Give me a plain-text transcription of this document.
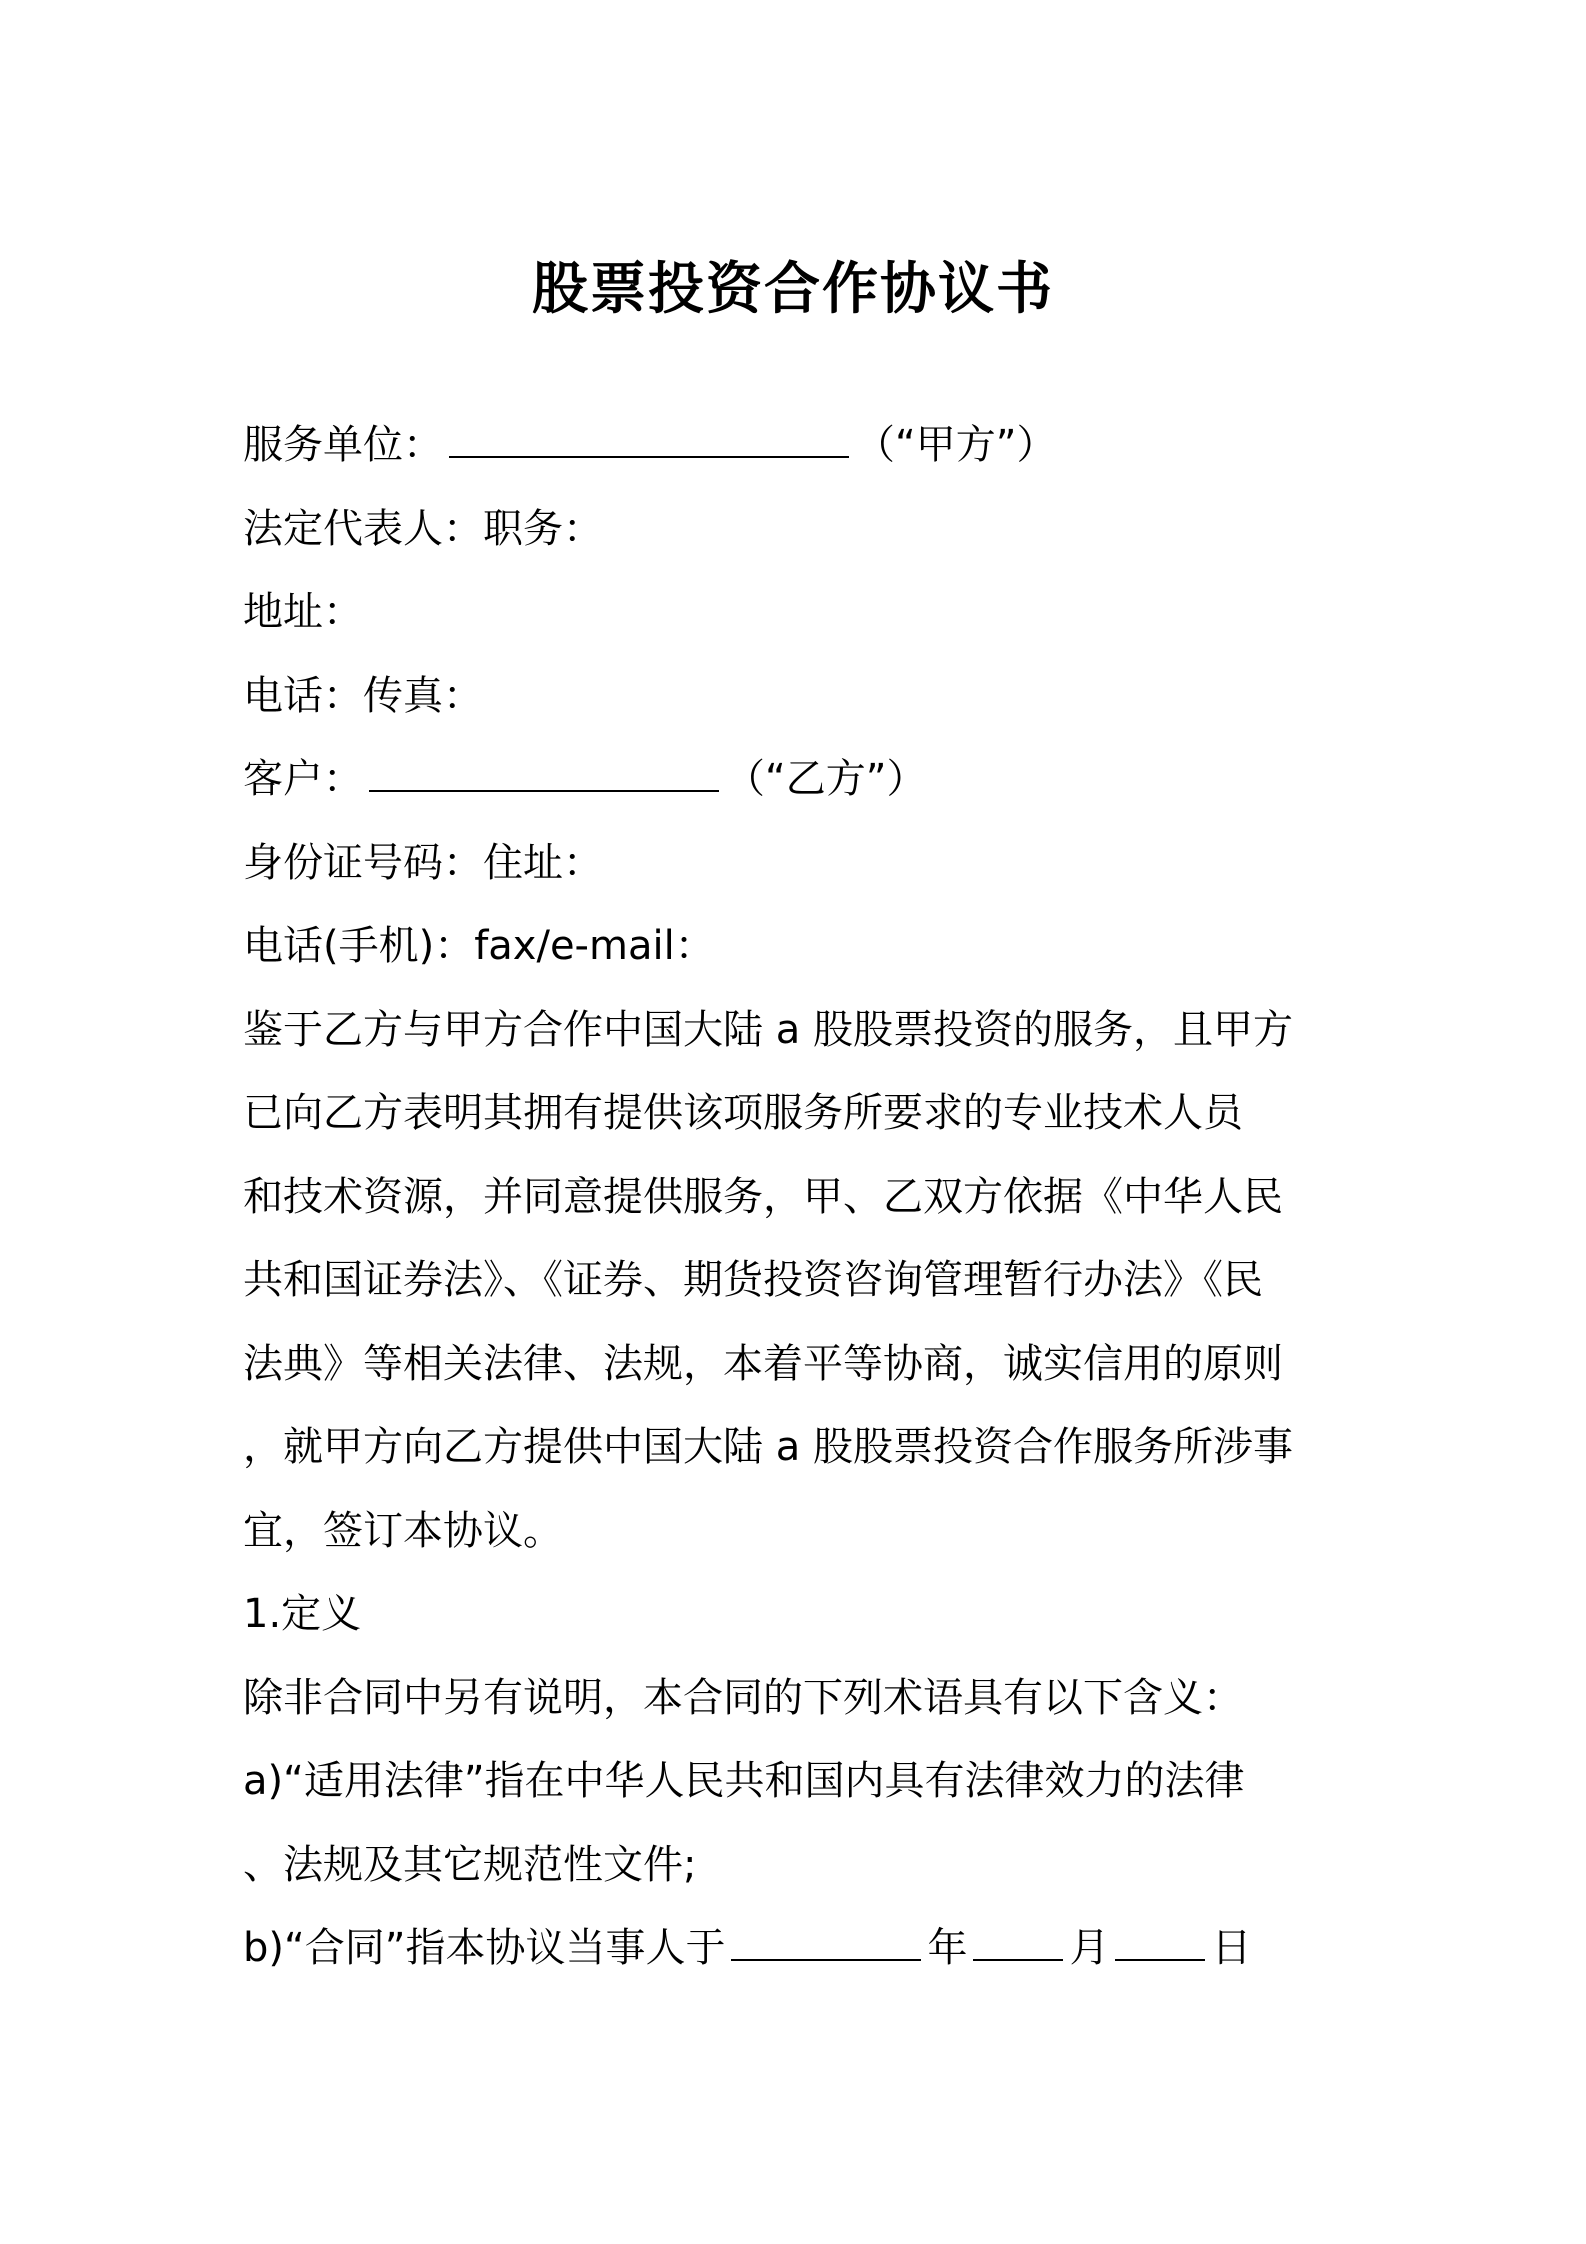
股票投资合作协议书
服务单位：	（“甲方”）
法定代表人：职务：
地址：
电话：传真：
客户：	（“乙方”）
身份证号码：住址：
电话(手机)：fax/e-mail：
鉴于乙方与甲方合作中国大陆 a 股股票投资的服务，且甲方
已向乙方表明其拥有提供该项服务所要求的专业技术人员
和技术资源，并同意提供服务，甲、乙双方依据《中华人民
共和国证券法》、《证券、期货投资咨询管理暂行办法》《民
法典》等相关法律、法规，本着平等协商，诚实信用的原则
，就甲方向乙方提供中国大陆 a 股股票投资合作服务所涉事
宜，签订本协议。
1.定义
除非合同中另有说明，本合同的下列术语具有以下含义：
a)“适用法律”指在中华人民共和国内具有法律效力的法律
、法规及其它规范性文件;
b)“合同”指本协议当事人于	年	月	日
